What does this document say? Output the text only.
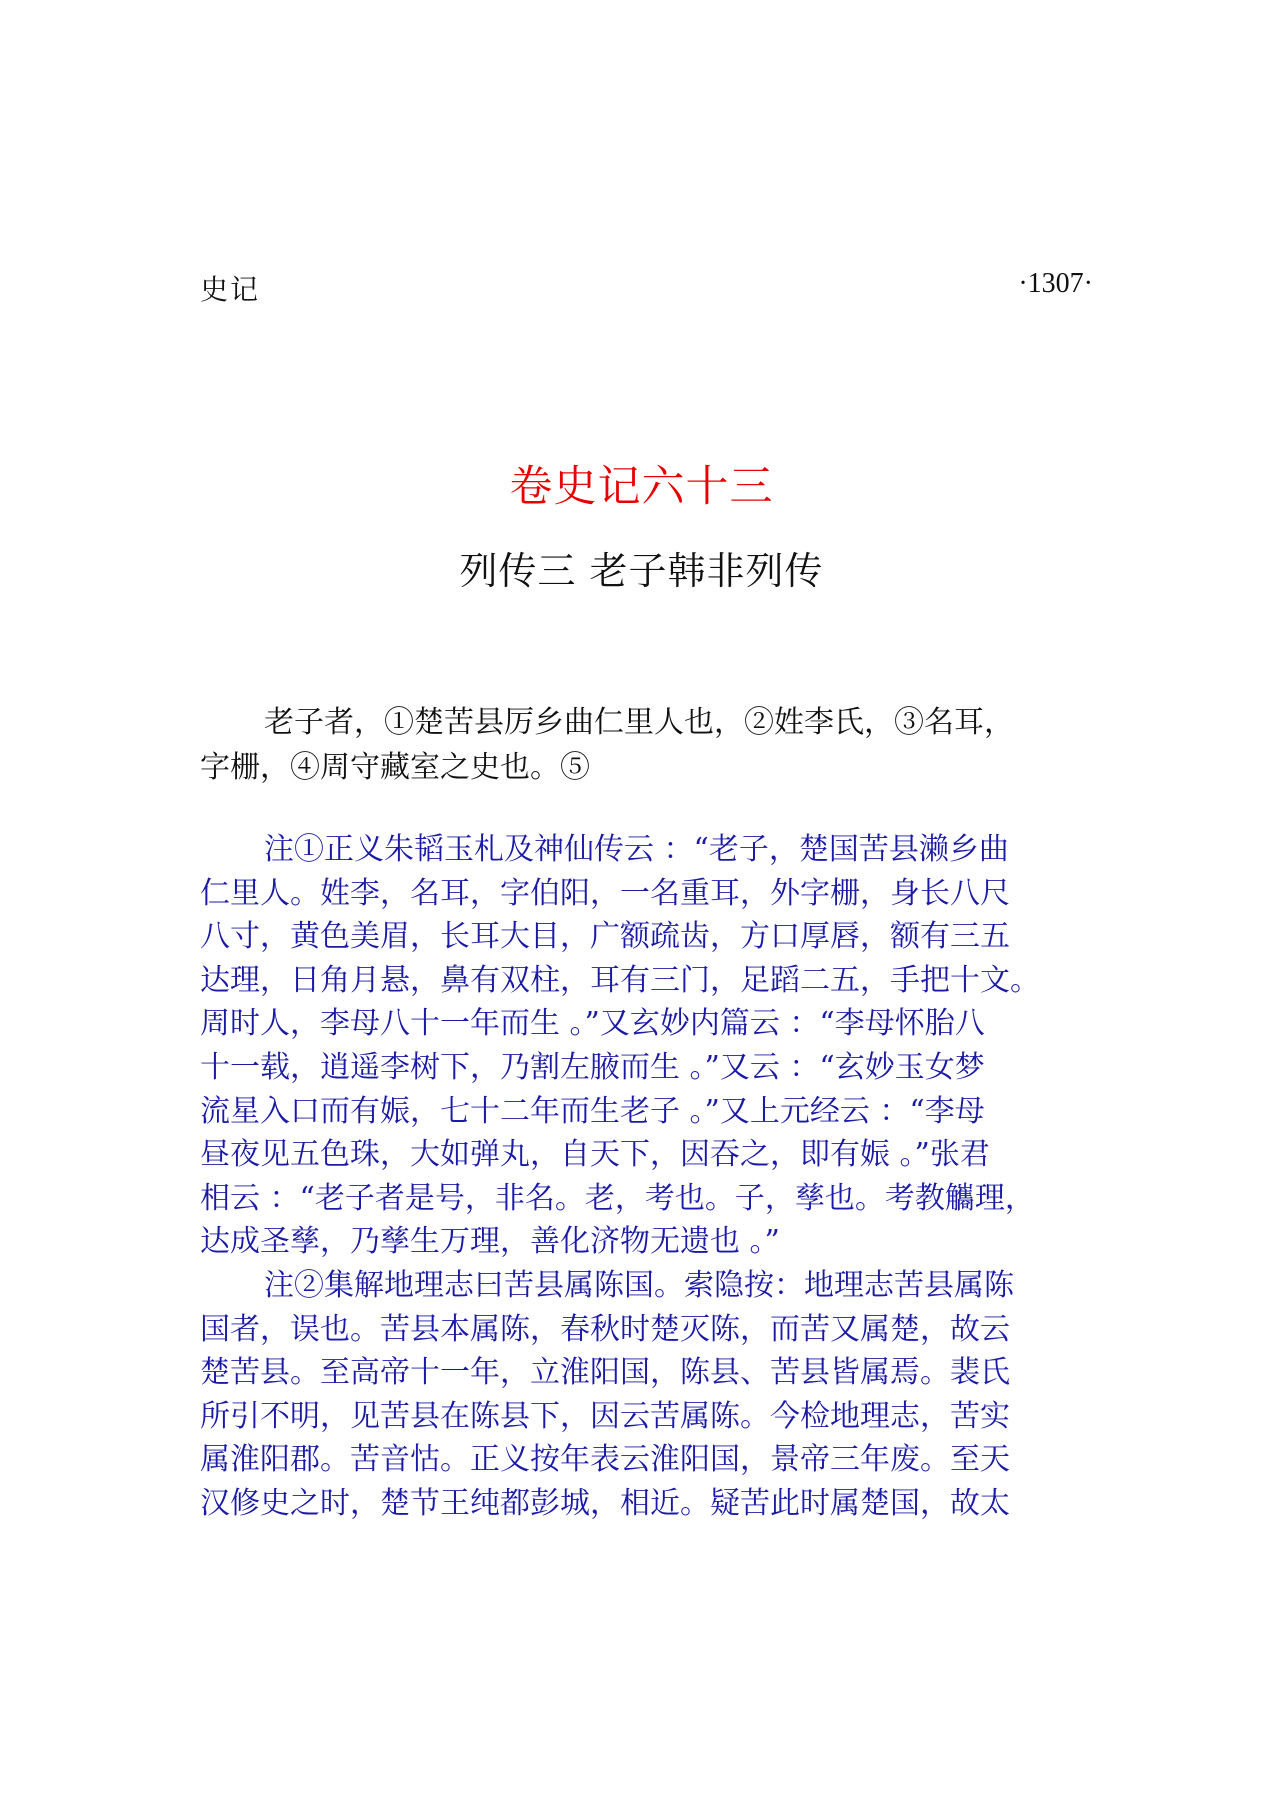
史记	·1307·
卷史记六十三
列传三 老子韩非列传
老子者，①楚苦县厉乡曲仁里人也，②姓李氏，③名耳，
字栅，④周守藏室之史也。⑤
注①正义朱韬玉札及神仙传云 ：“老子，楚国苦县濑乡曲
仁里人。姓李，名耳，字伯阳，一名重耳，外字栅，身长八尺
八寸，黄色美眉，长耳大目，广额疏齿，方口厚唇，额有三五
达理，日角月悬，鼻有双柱，耳有三门，足蹈二五，手把十文。
周时人，李母八十一年而生 。”又玄妙内篇云 ：“李母怀胎八
十一载，逍遥李树下，乃割左腋而生 。”又云 ：“玄妙玉女梦
流星入口而有娠，七十二年而生老子 。”又上元经云 ：“李母
昼夜见五色珠，大如弹丸，自天下，因吞之，即有娠 。”张君
相云 ：“老子者是号，非名。老，考也。子，孳也。考教觿理，
达成圣孳，乃孳生万理，善化济物无遗也 。”
注②集解地理志曰苦县属陈国。索隐按：地理志苦县属陈
国者，误也。苦县本属陈，春秋时楚灭陈，而苦又属楚，故云
楚苦县。至高帝十一年，立淮阳国，陈县、苦县皆属焉。裴氏
所引不明，见苦县在陈县下，因云苦属陈。今检地理志，苦实
属淮阳郡。苦音怙。正义按年表云淮阳国，景帝三年废。至天
汉修史之时，楚节王纯都彭城，相近。疑苦此时属楚国，故太
